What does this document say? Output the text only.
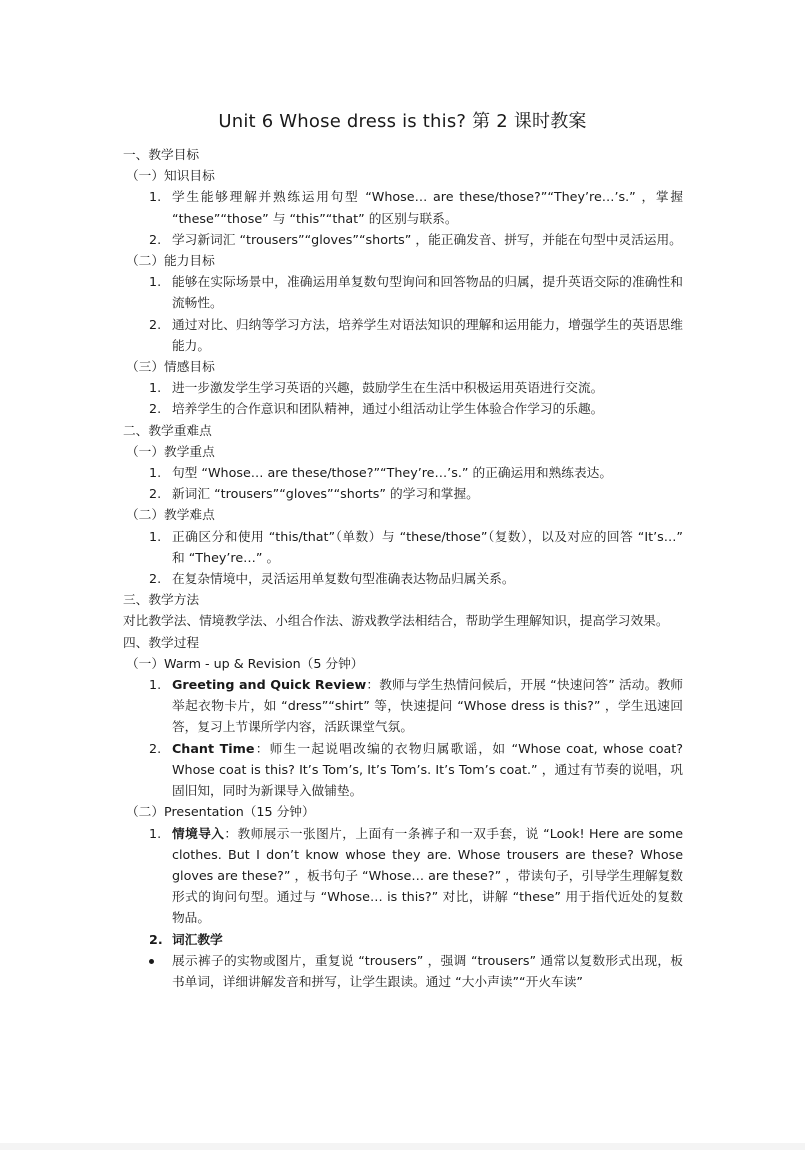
Unit 6 Whose dress is this? 第 2 课时教案
一、教学目标
（一）知识目标
1. 学生能够理解并熟练运用句型 “Whose… are these/those?”“They’re…’s.” ，掌握 “these”“those” 与 “this”“that” 的区别与联系。
2. 学习新词汇 “trousers”“gloves”“shorts” ，能正确发音、拼写，并能在句型中灵活运用。
（二）能力目标
1. 能够在实际场景中，准确运用单复数句型询问和回答物品的归属，提升英语交际的准确性和流畅性。
2. 通过对比、归纳等学习方法，培养学生对语法知识的理解和运用能力，增强学生的英语思维能力。
（三）情感目标
1. 进一步激发学生学习英语的兴趣，鼓励学生在生活中积极运用英语进行交流。
2. 培养学生的合作意识和团队精神，通过小组活动让学生体验合作学习的乐趣。
二、教学重难点
（一）教学重点
1. 句型 “Whose… are these/those?”“They’re…’s.” 的正确运用和熟练表达。
2. 新词汇 “trousers”“gloves”“shorts” 的学习和掌握。
（二）教学难点
1. 正确区分和使用 “this/that”（单数）与 “these/those”（复数），以及对应的回答 “It’s…” 和 “They’re…” 。
2. 在复杂情境中，灵活运用单复数句型准确表达物品归属关系。
三、教学方法
对比教学法、情境教学法、小组合作法、游戏教学法相结合，帮助学生理解知识，提高学习效果。
四、教学过程
（一）Warm - up & Revision（5 分钟）
1. Greeting and Quick Review：教师与学生热情问候后，开展 “快速问答” 活动。教师举起衣物卡片，如 “dress”“shirt” 等，快速提问 “Whose dress is this?” ，学生迅速回答，复习上节课所学内容，活跃课堂气氛。
2. Chant Time：师生一起说唱改编的衣物归属歌谣，如 “Whose coat, whose coat? Whose coat is this? It’s Tom’s, It’s Tom’s. It’s Tom’s coat.” ，通过有节奏的说唱，巩固旧知，同时为新课导入做铺垫。
（二）Presentation（15 分钟）
1. 情境导入：教师展示一张图片，上面有一条裤子和一双手套，说 “Look! Here are some clothes. But I don’t know whose they are. Whose trousers are these? Whose gloves are these?” ，板书句子 “Whose… are these?” ，带读句子，引导学生理解复数形式的询问句型。通过与 “Whose… is this?” 对比，讲解 “these” 用于指代近处的复数物品。
2. 词汇教学
展示裤子的实物或图片，重复说 “trousers” ，强调 “trousers” 通常以复数形式出现，板书单词，详细讲解发音和拼写，让学生跟读。通过 “大小声读”“开火车读”
